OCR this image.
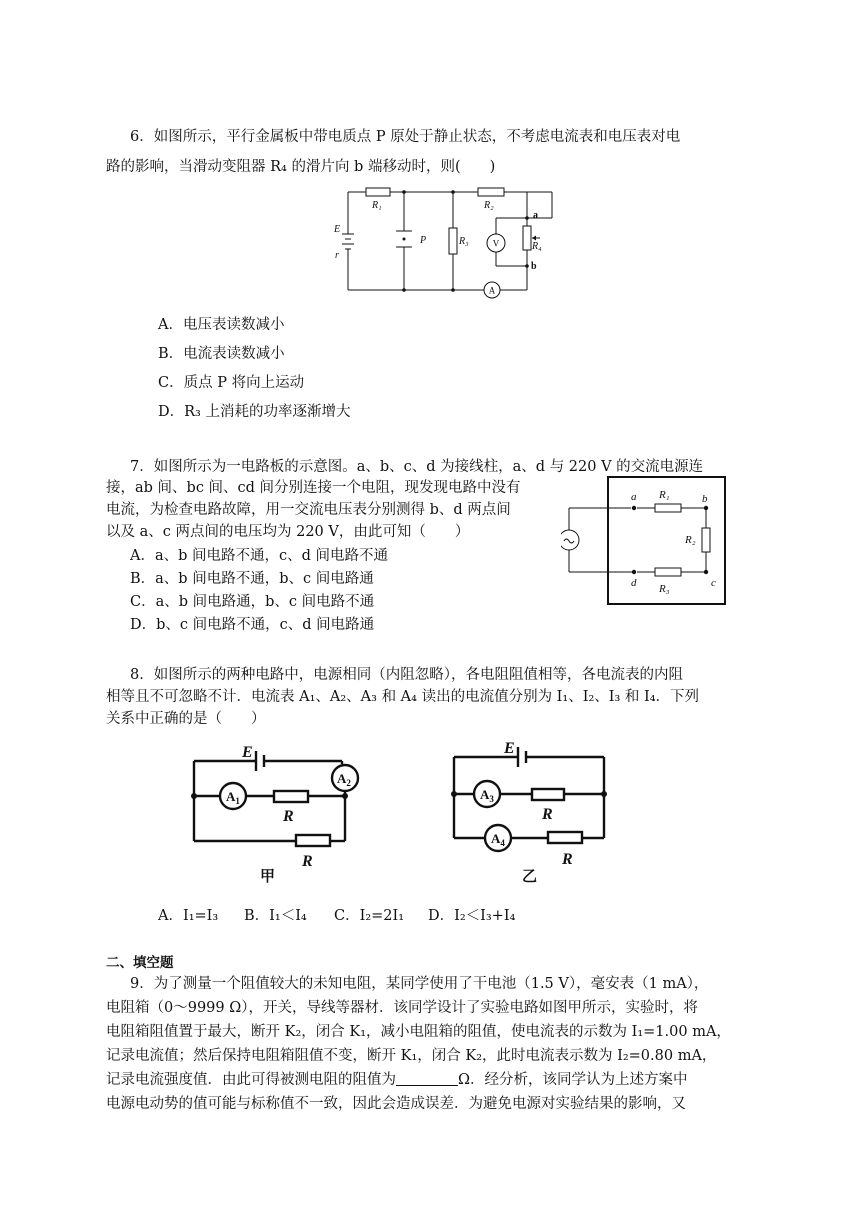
6．如图所示，平行金属板中带电质点 P 原处于静止状态，不考虑电流表和电压表对电
路的影响，当滑动变阻器 R₄ 的滑片向 b 端移动时，则(　　)
R₁	R₂
R₃	R₄
E
r
P
a
b
V
A
A．电压表读数减小
B．电流表读数减小
C．质点 P 将向上运动
D．R₃ 上消耗的功率逐渐增大
7．如图所示为一电路板的示意图。a、b、c、d 为接线柱，a、d 与 220 V 的交流电源连
接，ab 间、bc 间、cd 间分别连接一个电阻，现发现电路中没有
电流，为检查电路故障，用一交流电压表分别测得 b、d 两点间
以及 a、c 两点间的电压均为 220 V，由此可知（　　）
A．a、b 间电路不通，c、d 间电路不通
B．a、b 间电路不通，b、c 间电路通
C．a、b 间电路通，b、c 间电路不通
D．b、c 间电路不通，c、d 间电路通
a	b
c
d
R₁
R₂
R₃
8．如图所示的两种电路中，电源相同（内阻忽略），各电阻阻值相等，各电流表的内阻
相等且不可忽略不计．电流表 A₁、A₂、A₃ 和 A₄ 读出的电流值分别为 I₁、I₂、I₃ 和 I₄．下列
关系中正确的是（　　）
E
R
R
$A_1$
$A_2$
甲
E
R
R
$A_3$
$A_4$
乙
A．I₁=I₃ B．I₁＜I₄ C．I₂=2I₁ D．I₂＜I₃+I₄
二、填空题
9．为了测量一个阻值较大的未知电阻，某同学使用了干电池（1.5 V），毫安表（1 mA），
电阻箱（0～9999 Ω），开关，导线等器材．该同学设计了实验电路如图甲所示，实验时，将
电阻箱阻值置于最大，断开 K₂，闭合 K₁，减小电阻箱的阻值，使电流表的示数为 I₁=1.00 mA，
记录电流值；然后保持电阻箱阻值不变，断开 K₁，闭合 K₂，此时电流表示数为 I₂=0.80 mA，
记录电流强度值．由此可得被测电阻的阻值为	Ω．经分析，该同学认为上述方案中
电源电动势的值可能与标称值不一致，因此会造成误差．为避免电源对实验结果的影响，又
